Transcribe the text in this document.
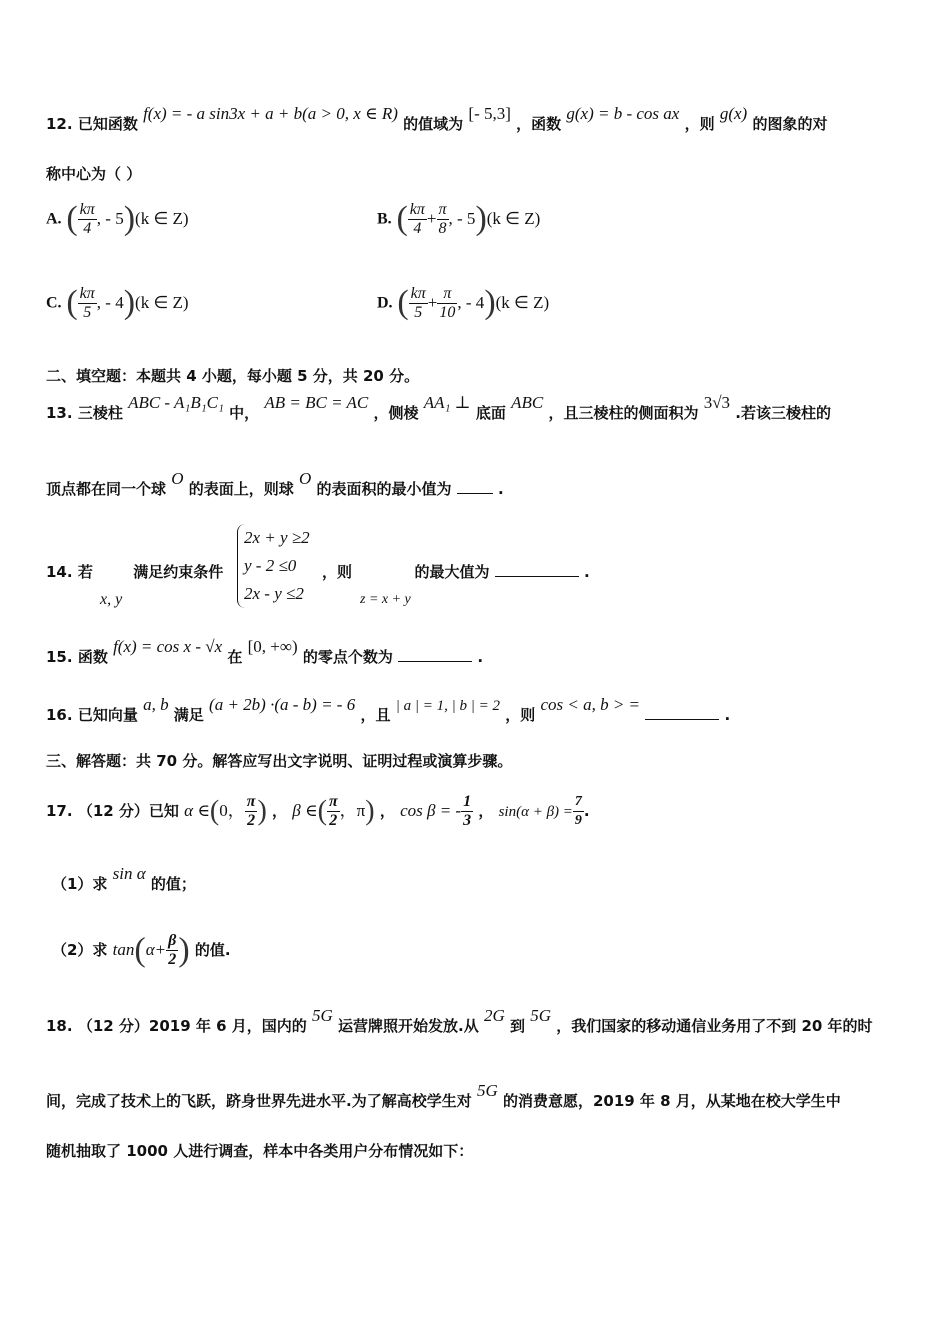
12. 已知函数 f(x) = - a sin3x + a + b(a > 0, x ∈ R) 的值域为 [- 5,3] ，函数 g(x) = b - cos ax ，则 g(x) 的图象的对
称中心为（ ）
A. ( $\frac{k\pi}{4}$ , - 5)(k ∈ Z)	B. ( $\frac{k\pi}{4} + \frac{\pi}{8}$ , - 5)(k ∈ Z)
C. ( $\frac{k\pi}{5}$ , - 4)(k ∈ Z)	D. ( $\frac{k\pi}{5} + \frac{\pi}{10}$ , - 4)(k ∈ Z)
二、填空题：本题共 4 小题，每小题 5 分，共 20 分。
13. 三棱柱 ABC - A₁B₁C₁ 中， AB = BC = AC ，侧棱 AA₁ ⊥ 底面 ABC ，且三棱柱的侧面积为 3√3 .若该三棱柱的
顶点都在同一个球 O 的表面上，则球 O 的表面积的最小值为	.
14. 若	满足约束条件
x, y
2x + y ≥2
y - 2 ≤0
2x - y ≤2
，则	的最大值为	.
z = x + y
15. 函数 f(x) = cos x - √x 在 [0, +∞) 的零点个数为	.
16. 已知向量 a, b 满足 (a + 2b) ·(a - b) = - 6 ，且 | a | = 1, | b | = 2 ，则 cos < a, b > =  .
三、解答题：共 70 分。解答应写出文字说明、证明过程或演算步骤。
17. （12 分）已知 α ∈(0， $\frac{\pi}{2}$ ) ， β ∈( $\frac{\pi}{2}$ ，π) ， cos β = - $\frac{1}{3}$ ， $\sin(\alpha + \beta) = \frac{7}{9}$ .
（1）求 sin α 的值；
（2）求 $\tan(\alpha+ \frac{\beta}{2}$ ) 的值.
18. （12 分）2019 年 6 月，国内的 5G 运营牌照开始发放.从 2G 到 5G ，我们国家的移动通信业务用了不到 20 年的时
间，完成了技术上的飞跃，跻身世界先进水平.为了解高校学生对 5G 的消费意愿，2019 年 8 月，从某地在校大学生中
随机抽取了 1000 人进行调查，样本中各类用户分布情况如下：
